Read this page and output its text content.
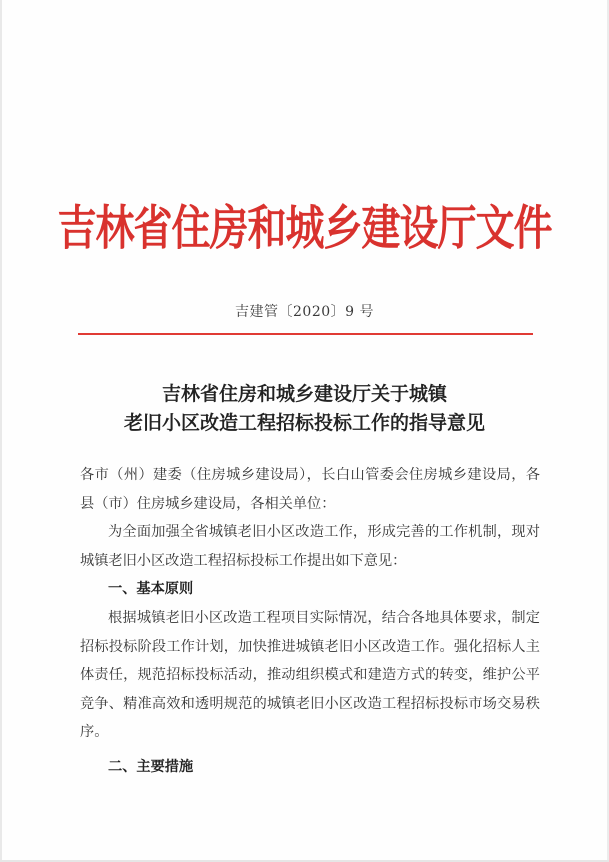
吉林省住房和城乡建设厅文件
吉建管〔2020〕9 号
吉林省住房和城乡建设厅关于城镇
老旧小区改造工程招标投标工作的指导意见

各市（州）建委（住房城乡建设局），长白山管委会住房城乡建设局，各县（市）住房城乡建设局，各相关单位：

为全面加强全省城镇老旧小区改造工作，形成完善的工作机制，现对城镇老旧小区改造工程招标投标工作提出如下意见：

一、基本原则

根据城镇老旧小区改造工程项目实际情况，结合各地具体要求，制定招标投标阶段工作计划，加快推进城镇老旧小区改造工作。强化招标人主体责任，规范招标投标活动，推动组织模式和建造方式的转变，维护公平竞争、精准高效和透明规范的城镇老旧小区改造工程招标投标市场交易秩序。

二、主要措施
